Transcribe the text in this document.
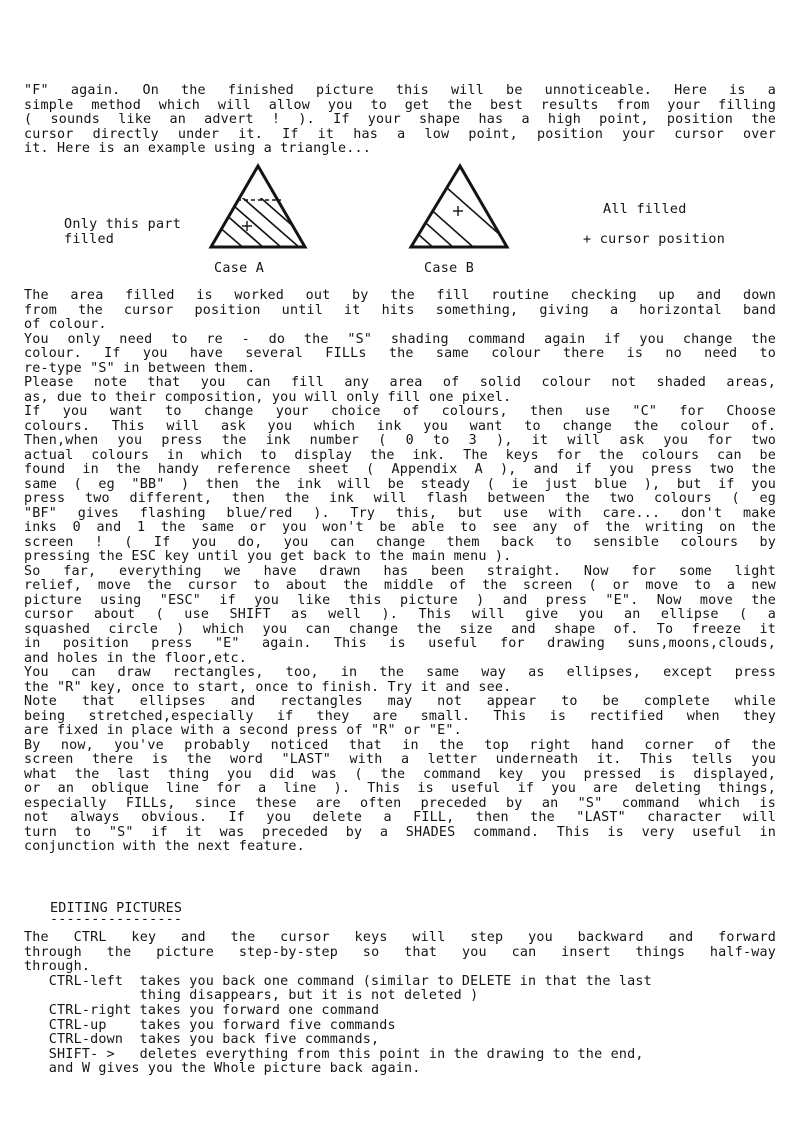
"F" again. On the finished picture this will be unnoticeable. Here is a
simple method which will allow you to get the best results from your filling
( sounds like an advert ! ). If your shape has a high point, position the
cursor directly under it. If it has a low point, position your cursor over
it. Here is an example using a triangle...
Only this part
filled
Case A	Case B
All filled
+ cursor position
The area filled is worked out by the fill routine checking up and down
from the cursor position until it hits something, giving a horizontal band
of colour.
You only need to re - do the "S" shading command again if you change the
colour. If you have several FILLs the same colour there is no need to
re-type "S" in between them.
Please note that you can fill any area of solid colour not shaded areas,
as, due to their composition, you will only fill one pixel.
If you want to change your choice of colours, then use "C" for Choose
colours. This will ask you which ink you want to change the colour of.
Then,when you press the ink number ( 0 to 3 ), it will ask you for two
actual colours in which to display the ink. The keys for the colours can be
found in the handy reference sheet ( Appendix A ), and if you press two the
same ( eg "BB" ) then the ink will be steady ( ie just blue ), but if you
press two different, then the ink will flash between the two colours ( eg
"BF" gives flashing blue/red ). Try this, but use with care... don't make
inks 0 and 1 the same or you won't be able to see any of the writing on the
screen ! ( If you do, you can change them back to sensible colours by
pressing the ESC key until you get back to the main menu ).
So far, everything we have drawn has been straight. Now for some light
relief, move the cursor to about the middle of the screen ( or move to a new
picture using "ESC" if you like this picture ) and press "E". Now move the
cursor about ( use SHIFT as well ). This will give you an ellipse ( a
squashed circle ) which you can change the size and shape of. To freeze it
in position press "E" again. This is useful for drawing suns,moons,clouds,
and holes in the floor,etc.
You can draw rectangles, too, in the same way as ellipses, except press
the "R" key, once to start, once to finish. Try it and see.
Note that ellipses and rectangles may not appear to be complete while
being stretched,especially if they are small. This is rectified when they
are fixed in place with a second press of "R" or "E".
By now, you've probably noticed that in the top right hand corner of the
screen there is the word "LAST" with a letter underneath it. This tells you
what the last thing you did was ( the command key you pressed is displayed,
or an oblique line for a line ). This is useful if you are deleting things,
especially FILLs, since these are often preceded by an "S" command which is
not always obvious. If you delete a FILL, then the "LAST" character will
turn to "S" if it was preceded by a SHADES command. This is very useful in
conjunction with the next feature.
EDITING PICTURES
----------------
The CTRL key and the cursor keys will step you backward and forward
through the picture step-by-step so that you can insert things half-way
through.
CTRL-left  takes you back one command (similar to DELETE in that the last
thing disappears, but it is not deleted )
CTRL-right takes you forward one command
CTRL-up    takes you forward five commands
CTRL-down  takes you back five commands,
SHIFT- >   deletes everything from this point in the drawing to the end,
and W gives you the Whole picture back again.
